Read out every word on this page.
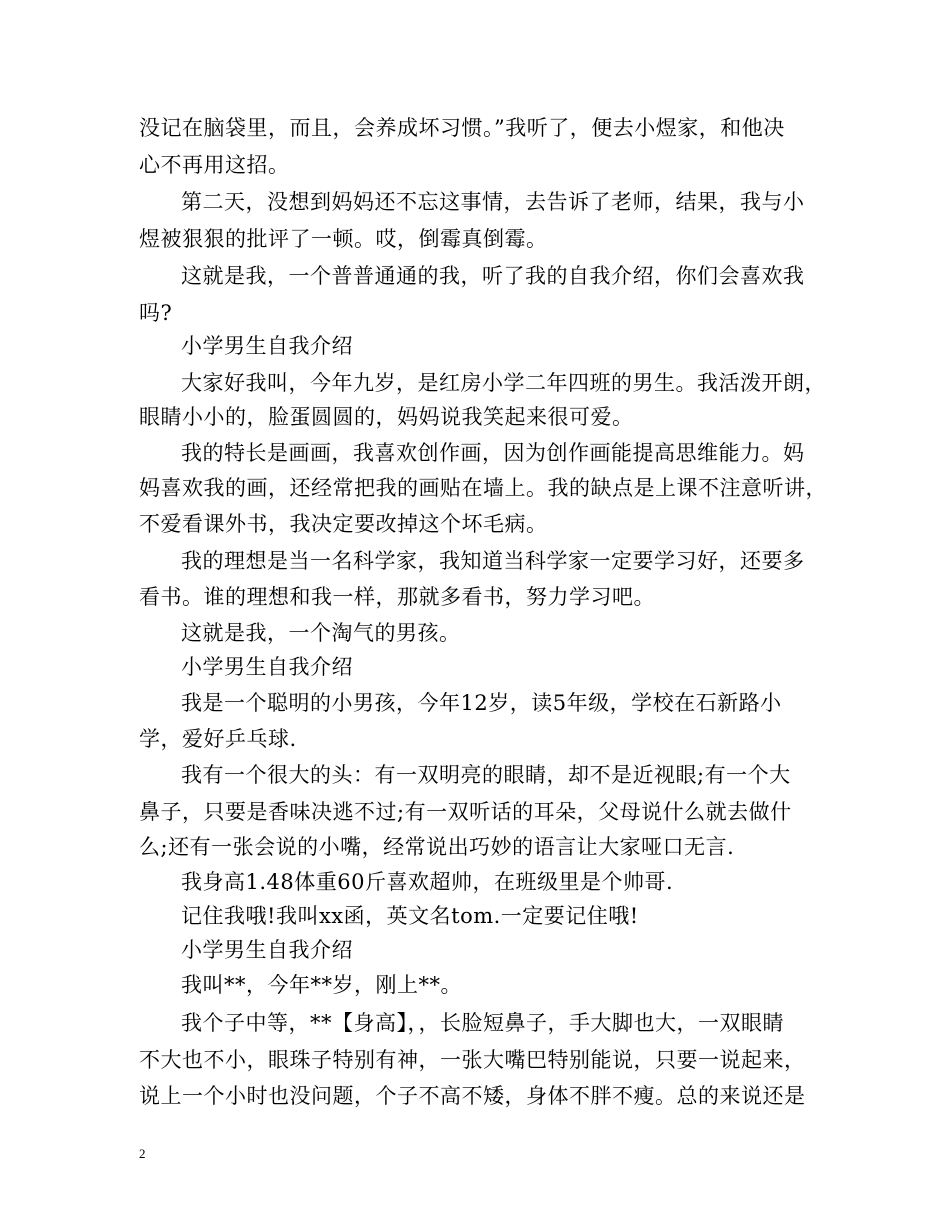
没记在脑袋里，而且，会养成坏习惯。”我听了，便去小煜家，和他决
心不再用这招。
第二天，没想到妈妈还不忘这事情，去告诉了老师，结果，我与小
煜被狠狠的批评了一顿。哎，倒霉真倒霉。
这就是我，一个普普通通的我，听了我的自我介绍，你们会喜欢我
吗?
小学男生自我介绍
大家好我叫，今年九岁，是红房小学二年四班的男生。我活泼开朗，
眼睛小小的，脸蛋圆圆的，妈妈说我笑起来很可爱。
我的特长是画画，我喜欢创作画，因为创作画能提高思维能力。妈
妈喜欢我的画，还经常把我的画贴在墙上。我的缺点是上课不注意听讲，
不爱看课外书，我决定要改掉这个坏毛病。
我的理想是当一名科学家，我知道当科学家一定要学习好，还要多
看书。谁的理想和我一样，那就多看书，努力学习吧。
这就是我，一个淘气的男孩。
小学男生自我介绍
我是一个聪明的小男孩，今年12岁，读5年级，学校在石新路小
学，爱好乒乓球.
我有一个很大的头：有一双明亮的眼睛，却不是近视眼;有一个大
鼻子，只要是香味决逃不过;有一双听话的耳朵，父母说什么就去做什
么;还有一张会说的小嘴，经常说出巧妙的语言让大家哑口无言.
我身高1.48体重60斤喜欢超帅，在班级里是个帅哥.
记住我哦!我叫xx函，英文名tom.一定要记住哦!
小学男生自我介绍
我叫**，今年**岁，刚上**。
我个子中等，**【身高】，，长脸短鼻子，手大脚也大，一双眼睛
不大也不小，眼珠子特别有神，一张大嘴巴特别能说，只要一说起来，
说上一个小时也没问题，个子不高不矮，身体不胖不瘦。总的来说还是
2
